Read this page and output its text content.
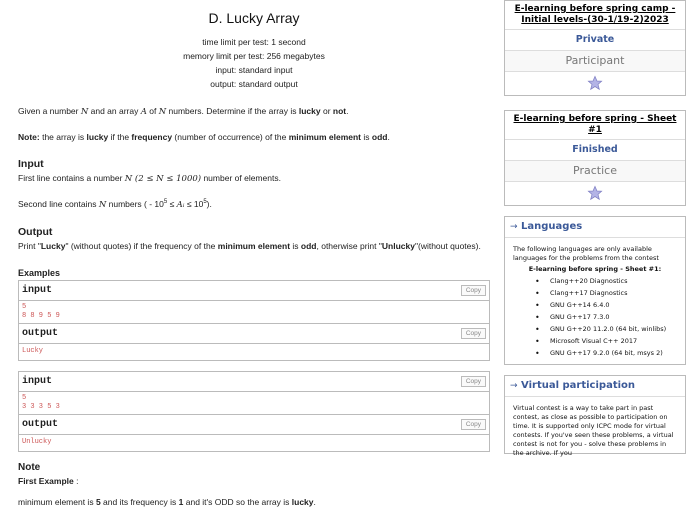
D. Lucky Array
time limit per test: 1 second
memory limit per test: 256 megabytes
input: standard input
output: standard output
Given a number N and an array A of N numbers. Determine if the array is lucky or not.
Note: the array is lucky if the frequency (number of occurrence) of the minimum element is odd.
Input
First line contains a number N (2 ≤ N ≤ 1000) number of elements.
Second line contains N numbers ( - $10^5$ ≤ Aᵢ ≤ $10^5$).
Output
Print "Lucky" (without quotes) if the frequency of the minimum element is odd, otherwise print "Unlucky"(without quotes).
Examples
input	Copy
5
8 8 9 5 9
output	Copy
Lucky
input	Copy
5
3 3 3 5 3
output	Copy
Unlucky
Note
First Example :
minimum element is 5 and its frequency is 1 and it's ODD so the array is lucky.
E-learning before spring camp - Initial levels-(30-1/19-2)2023
Private
Participant
E-learning before spring - Sheet #1
Finished
Practice
→ Languages
The following languages are only available languages for the problems from the contest
E-learning before spring - Sheet #1:
• Clang++20 Diagnostics
• Clang++17 Diagnostics
• GNU G++14 6.4.0
• GNU G++17 7.3.0
• GNU G++20 11.2.0 (64 bit, winlibs)
• Microsoft Visual C++ 2017
• GNU G++17 9.2.0 (64 bit, msys 2)
→ Virtual participation
Virtual contest is a way to take part in past contest, as close as possible to participation on time. It is supported only ICPC mode for virtual contests. If you've seen these problems, a virtual contest is not for you - solve these problems in the archive. If you
